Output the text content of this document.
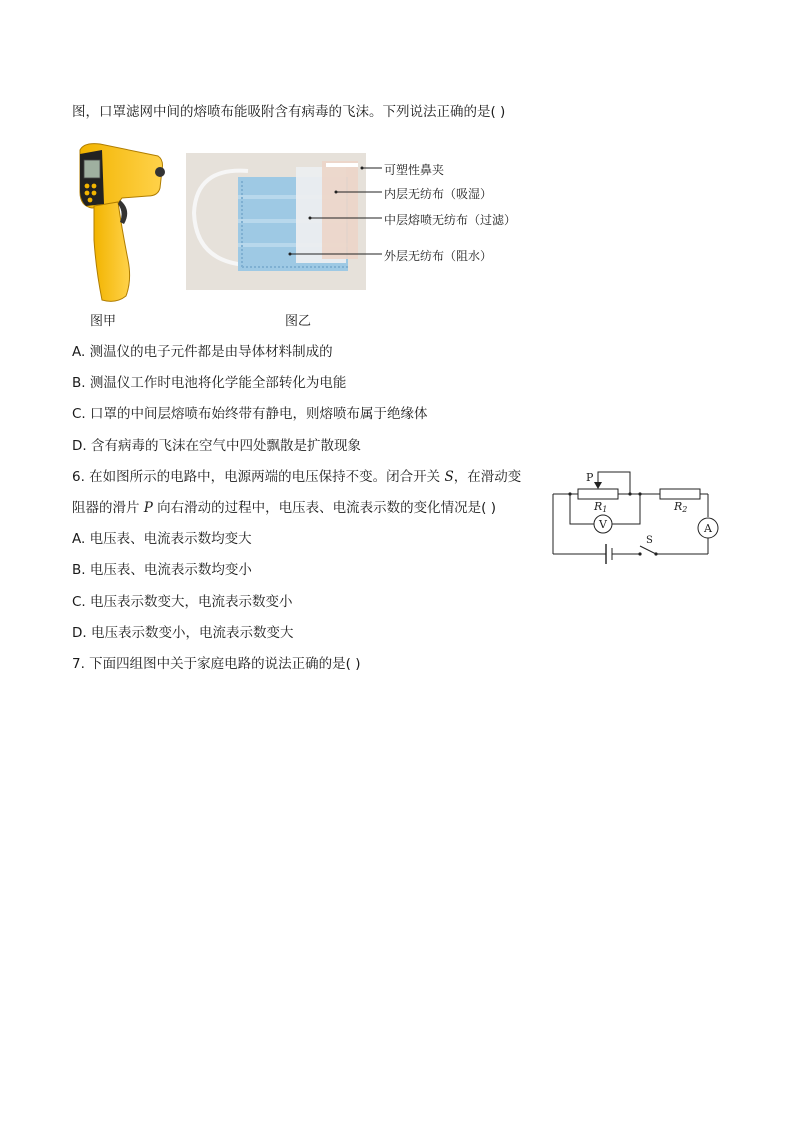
图，口罩滤网中间的熔喷布能吸附含有病毒的飞沫。下列说法正确的是( )
图甲
可塑性鼻夹
内层无纺布（吸湿）
中层熔喷无纺布（过滤）
外层无纺布（阻水）
图乙
A. 测温仪的电子元件都是由导体材料制成的
B. 测温仪工作时电池将化学能全部转化为电能
C. 口罩的中间层熔喷布始终带有静电，则熔喷布属于绝缘体
D. 含有病毒的飞沫在空气中四处飘散是扩散现象
6. 在如图所示的电路中，电源两端的电压保持不变。闭合开关 S，在滑动变
阻器的滑片 P 向右滑动的过程中，电压表、电流表示数的变化情况是( )
P
R1	R2
V	A
S
A. 电压表、电流表示数均变大
B. 电压表、电流表示数均变小
C. 电压表示数变大，电流表示数变小
D. 电压表示数变小，电流表示数变大
7. 下面四组图中关于家庭电路的说法正确的是( )
